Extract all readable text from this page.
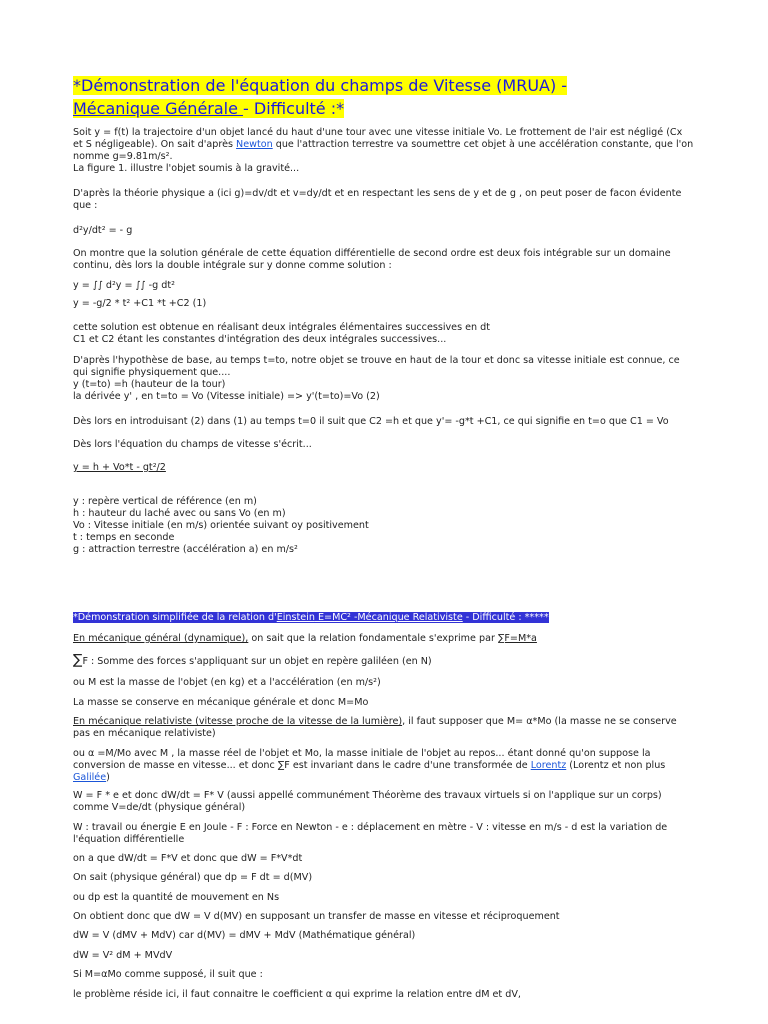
*Démonstration de l'équation du champs de Vitesse (MRUA) -
Mécanique Générale - Difficulté :*
Soit y = f(t) la trajectoire d'un objet lancé du haut d'une tour avec une vitesse initiale Vo. Le frottement de l'air est négligé (Cx et S négligeable). On sait d'après Newton que l'attraction terrestre va soumettre cet objet à une accélération constante, que l'on nomme g=9.81m/s².
La figure 1. illustre l'objet soumis à la gravité...
D'après la théorie physique a (ici g)=dv/dt et v=dy/dt et en respectant les sens de y et de g , on peut poser de facon évidente que :
d²y/dt² = - g
On montre que la solution générale de cette équation différentielle de second ordre est deux fois intégrable sur un domaine continu, dès lors la double intégrale sur y donne comme solution :
y = ∫∫ d²y = ∫∫ -g dt²
y = -g/2 * t² +C1 *t +C2 (1)
cette solution est obtenue en réalisant deux intégrales élémentaires successives en dt
C1 et C2 étant les constantes d'intégration des deux intégrales successives...
D'après l'hypothèse de base, au temps t=to, notre objet se trouve en haut de la tour et donc sa vitesse initiale est connue, ce qui signifie physiquement que....
y (t=to) =h (hauteur de la tour)
la dérivée y' , en t=to = Vo (Vitesse initiale) => y'(t=to)=Vo (2)
Dès lors en introduisant (2) dans (1) au temps t=0 il suit que C2 =h et que y'= -g*t +C1, ce qui signifie en t=o que C1 = Vo
Dès lors l'équation du champs de vitesse s'écrit...
y = h + Vo*t - gt²/2
y : repère vertical de référence (en m)
h : hauteur du laché avec ou sans Vo (en m)
Vo : Vitesse initiale (en m/s) orientée suivant oy positivement
t : temps en seconde
g : attraction terrestre (accélération a) en m/s²
*Démonstration simplifiée de la relation d'Einstein E=MC² -Mécanique Relativiste - Difficulté : *****
En mécanique général (dynamique), on sait que la relation fondamentale s'exprime par ∑F=M*a
∑F : Somme des forces s'appliquant sur un objet en repère galiléen (en N)
ou M est la masse de l'objet (en kg) et a l'accélération (en m/s²)
La masse se conserve en mécanique générale et donc M=Mo
En mécanique relativiste (vitesse proche de la vitesse de la lumière), il faut supposer que M= α*Mo (la masse ne se conserve pas en mécanique relativiste)
ou α =M/Mo avec M , la masse réel de l'objet et Mo, la masse initiale de l'objet au repos... étant donné qu'on suppose la conversion de masse en vitesse... et donc ∑F est invariant dans le cadre d'une transformée de Lorentz (Lorentz et non plus Galilée)
W = F * e et donc dW/dt = F* V (aussi appellé communément Théorème des travaux virtuels si on l'applique sur un corps) comme V=de/dt (physique général)
W : travail ou énergie E en Joule - F : Force en Newton - e : déplacement en mètre - V : vitesse en m/s - d est la variation de l'équation différentielle
on a que dW/dt = F*V et donc que dW = F*V*dt
On sait (physique général) que dp = F dt = d(MV)
ou dp est la quantité de mouvement en Ns
On obtient donc que dW = V d(MV) en supposant un transfer de masse en vitesse et réciproquement
dW = V (dMV + MdV) car d(MV) = dMV + MdV (Mathématique général)
dW = V² dM + MVdV
Si M=αMo comme supposé, il suit que :
le problème réside ici, il faut connaitre le coefficient α qui exprime la relation entre dM et dV,
